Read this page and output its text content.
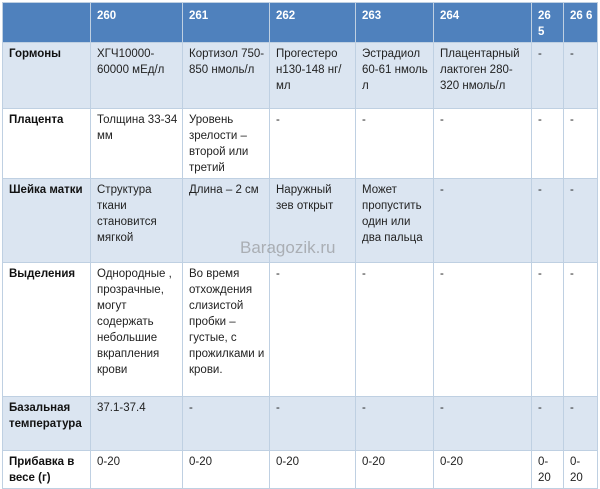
	260	261	262	263	264	26 5	26 6
Гормоны	ХГЧ10000-60000 мЕд/л	Кортизол 750-850 нмоль/л	Прогестеро н130-148 нг/мл	Эстрадиол 60-61 нмоль л	Плацентарный лактоген 280-320 нмоль/л	-	-
Плацента	Толщина 33-34 мм	Уровень зрелости – второй или третий	-	-	-	-	-
Шейка матки	Структура ткани становится мягкой	Длина – 2 см	Наружный зев открыт	Может пропустить один или два пальца	-	-	-
Выделения	Однородные , прозрачные, могут содержать небольшие вкрапления крови	Во время отхождения слизистой пробки – густые, с прожилками и крови.	-	-	-	-	-
Базальная температура	37.1-37.4	-	-	-	-	-	-
Прибавка в весе (г)	0-20	0-20	0-20	0-20	0-20	0-20	0-20
Baragozik.ru
